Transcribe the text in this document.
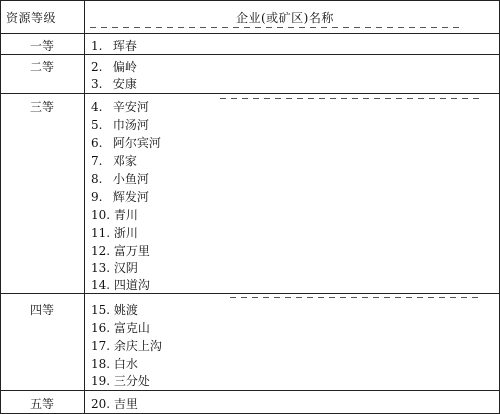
资源等级	企业(或矿区)名称
一等	1. 珲春
二等	2. 偏岭
3. 安康
三等	4. 辛安河
5. 巾汤河
6. 阿尔宾河
7. 邓家
8. 小鱼河
9. 辉发河
10. 青川
11. 浙川
12. 富万里
13. 汉阴
14. 四道沟
四等	15. 姚渡
16. 富克山
17. 余庆上沟
18. 白水
19. 三分处
五等	20. 吉里
